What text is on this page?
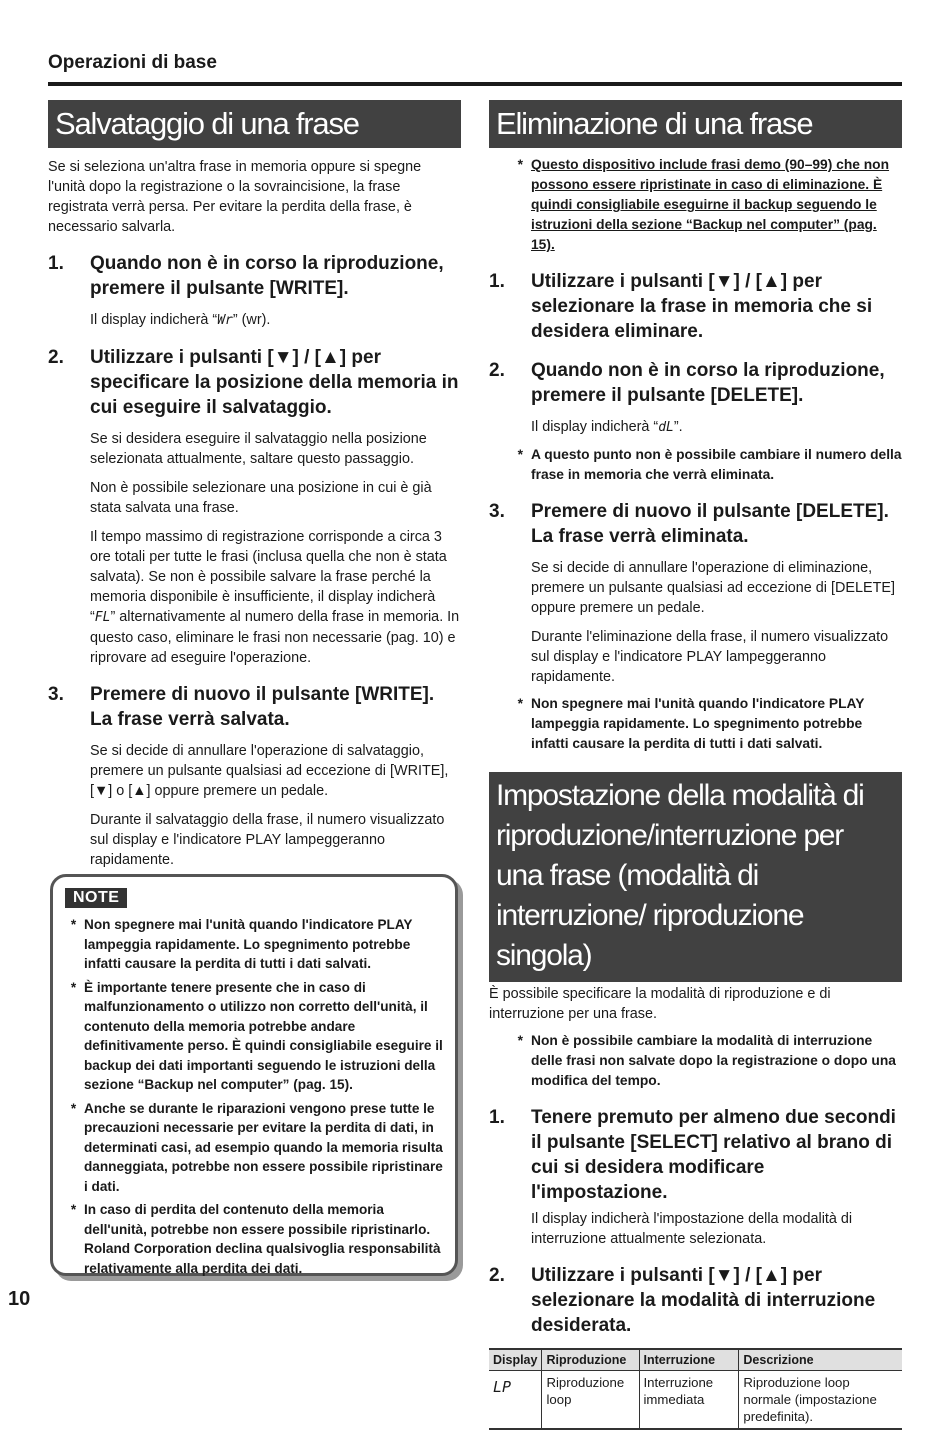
Operazioni di base
Salvataggio di una frase

Se si seleziona un'altra frase in memoria oppure si spegne l'unità dopo la registrazione o la sovraincisione, la frase registrata verrà persa. Per evitare la perdita della frase, è necessario salvarla.

1.	Quando non è in corso la riproduzione, premere il pulsante [WRITE].

Il display indicherà “Wr” (wr).

2.	Utilizzare i pulsanti [▼] / [▲] per specificare la posizione della memoria in cui eseguire il salvataggio.

Se si desidera eseguire il salvataggio nella posizione selezionata attualmente, saltare questo passaggio.

Non è possibile selezionare una posizione in cui è già stata salvata una frase.

Il tempo massimo di registrazione corrisponde a circa 3 ore totali per tutte le frasi (inclusa quella che non è stata salvata). Se non è possibile salvare la frase perché la memoria disponibile è insufficiente, il display indicherà “FL” alternativamente al numero della frase in memoria. In questo caso, eliminare le frasi non necessarie (pag. 10) e riprovare ad eseguire l'operazione.

3.	Premere di nuovo il pulsante [WRITE]. La frase verrà salvata.

Se si decide di annullare l'operazione di salvataggio, premere un pulsante qualsiasi ad eccezione di [WRITE], [▼] o [▲] oppure premere un pedale.

Durante il salvataggio della frase, il numero visualizzato sul display e l'indicatore PLAY lampeggeranno rapidamente.

NOTE
* Non spegnere mai l'unità quando l'indicatore PLAY lampeggia rapidamente. Lo spegnimento potrebbe infatti causare la perdita di tutti i dati salvati.
* È importante tenere presente che in caso di malfunzionamento o utilizzo non corretto dell'unità, il contenuto della memoria potrebbe andare definitivamente perso. È quindi consigliabile eseguire il backup dei dati importanti seguendo le istruzioni della sezione “Backup nel computer” (pag. 15).
* Anche se durante le riparazioni vengono prese tutte le precauzioni necessarie per evitare la perdita di dati, in determinati casi, ad esempio quando la memoria risulta danneggiata, potrebbe non essere possibile ripristinare i dati.
* In caso di perdita del contenuto della memoria dell'unità, potrebbe non essere possibile ripristinarlo. Roland Corporation declina qualsivoglia responsabilità relativamente alla perdita dei dati.
Eliminazione di una frase
* Questo dispositivo include frasi demo (90–99) che non possono essere ripristinate in caso di eliminazione. È quindi consigliabile eseguirne il backup seguendo le istruzioni della sezione “Backup nel computer” (pag. 15).
1.	Utilizzare i pulsanti [▼] / [▲] per selezionare la frase in memoria che si desidera eliminare.
2.	Quando non è in corso la riproduzione, premere il pulsante [DELETE].

Il display indicherà “dL”.

* A questo punto non è possibile cambiare il numero della frase in memoria che verrà eliminata.
3.	Premere di nuovo il pulsante [DELETE]. La frase verrà eliminata.

Se si decide di annullare l'operazione di eliminazione, premere un pulsante qualsiasi ad eccezione di [DELETE] oppure premere un pedale.

Durante l'eliminazione della frase, il numero visualizzato sul display e l'indicatore PLAY lampeggeranno rapidamente.

* Non spegnere mai l'unità quando l'indicatore PLAY lampeggia rapidamente. Lo spegnimento potrebbe infatti causare la perdita di tutti i dati salvati.
Impostazione della modalità di riproduzione/interruzione per una frase (modalità di interruzione/ riproduzione singola)

È possibile specificare la modalità di riproduzione e di interruzione per una frase.

* Non è possibile cambiare la modalità di interruzione delle frasi non salvate dopo la registrazione o dopo una modifica del tempo.
1.	Tenere premuto per almeno due secondi il pulsante [SELECT] relativo al brano di cui si desidera modificare l'impostazione.

Il display indicherà l'impostazione della modalità di interruzione attualmente selezionata.

2.	Utilizzare i pulsanti [▼] / [▲] per selezionare la modalità di interruzione desiderata.
Display	Riproduzione	Interruzione	Descrizione
LP	Riproduzione loop	Interruzione immediata	Riproduzione loop normale (impostazione predefinita).
10
